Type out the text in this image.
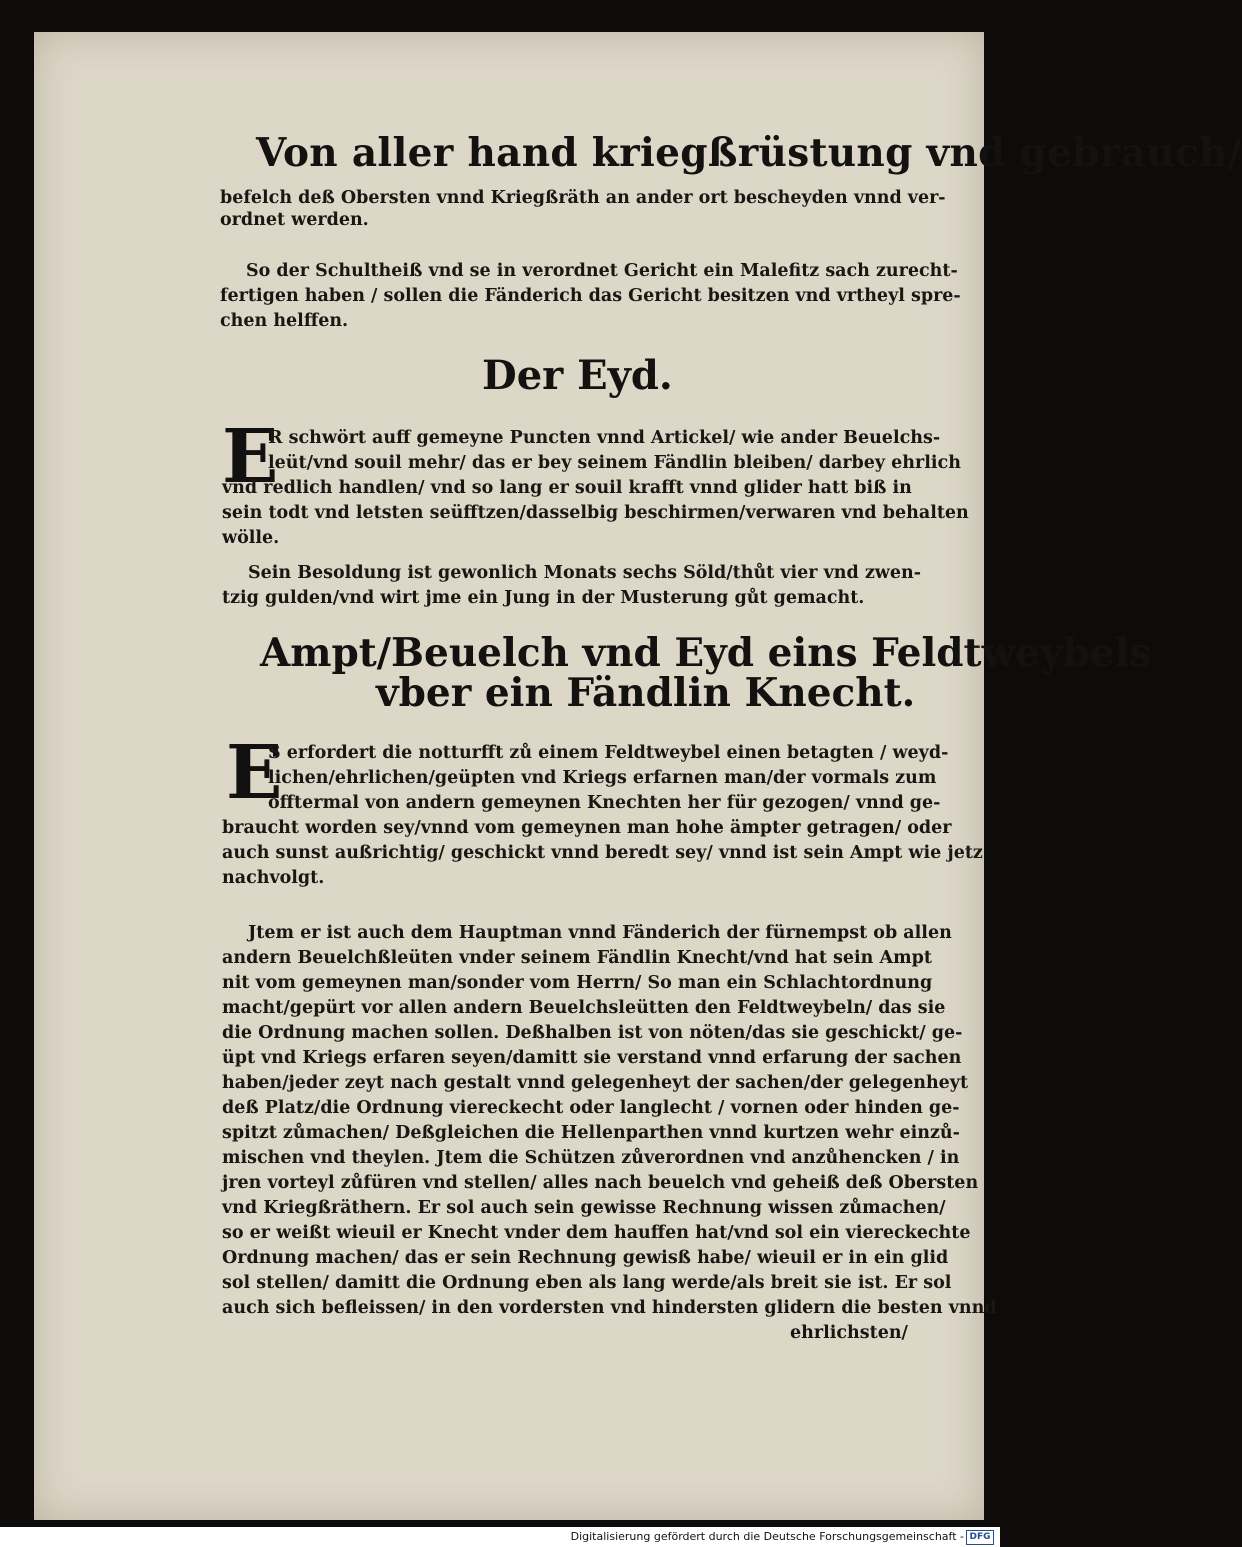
Von aller hand kriegßrüstung vnd gebrauch/
befelch deß Obersten vnnd Kriegßräth an ander ort bescheyden vnnd ver-
ordnet werden.
So der Schultheiß vnd se in verordnet Gericht ein Malefitz sach zurecht-
fertigen haben / sollen die Fänderich das Gericht besitzen vnd vrtheyl spre-
chen helffen.
Der Eyd.
E
R schwört auff gemeyne Puncten vnnd Artickel/ wie ander Beuelchs-
leüt/vnd souil mehr/ das er bey seinem Fändlin bleiben/ darbey ehrlich
vnd redlich handlen/ vnd so lang er souil krafft vnnd glider hatt biß in
sein todt vnd letsten seüfftzen/dasselbig beschirmen/verwaren vnd behalten
wölle.
Sein Besoldung ist gewonlich Monats sechs Söld/thůt vier vnd zwen-
tzig gulden/vnd wirt jme ein Jung in der Musterung gůt gemacht.
Ampt/Beuelch vnd Eyd eins Feldtweybels
vber ein Fändlin Knecht.
E
S erfordert die notturfft zů einem Feldtweybel einen betagten / weyd-
lichen/ehrlichen/geüpten vnd Kriegs erfarnen man/der vormals zum
offtermal von andern gemeynen Knechten her für gezogen/ vnnd ge-
braucht worden sey/vnnd vom gemeynen man hohe ämpter getragen/ oder
auch sunst außrichtig/ geschickt vnnd beredt sey/ vnnd ist sein Ampt wie jetz
nachvolgt.
Jtem er ist auch dem Hauptman vnnd Fänderich der fürnempst ob allen
andern Beuelchßleüten vnder seinem Fändlin Knecht/vnd hat sein Ampt
nit vom gemeynen man/sonder vom Herrn/ So man ein Schlachtordnung
macht/gepürt vor allen andern Beuelchsleütten den Feldtweybeln/ das sie
die Ordnung machen sollen. Deßhalben ist von nöten/das sie geschickt/ ge-
üpt vnd Kriegs erfaren seyen/damitt sie verstand vnnd erfarung der sachen
haben/jeder zeyt nach gestalt vnnd gelegenheyt der sachen/der gelegenheyt
deß Platz/die Ordnung viereckecht oder langlecht / vornen oder hinden ge-
spitzt zůmachen/ Deßgleichen die Hellenparthen vnnd kurtzen wehr einzů-
mischen vnd theylen. Jtem die Schützen zůverordnen vnd anzůhencken / in
jren vorteyl zůfüren vnd stellen/ alles nach beuelch vnd geheiß deß Obersten
vnd Kriegßräthern. Er sol auch sein gewisse Rechnung wissen zůmachen/
so er weißt wieuil er Knecht vnder dem hauffen hat/vnd sol ein viereckechte
Ordnung machen/ das er sein Rechnung gewisß habe/ wieuil er in ein glid
sol stellen/ damitt die Ordnung eben als lang werde/als breit sie ist. Er sol
auch sich befleissen/ in den vordersten vnd hindersten glidern die besten vnnd
ehrlichsten/
Digitalisierung gefördert durch die Deutsche Forschungsgemeinschaft - DFG
